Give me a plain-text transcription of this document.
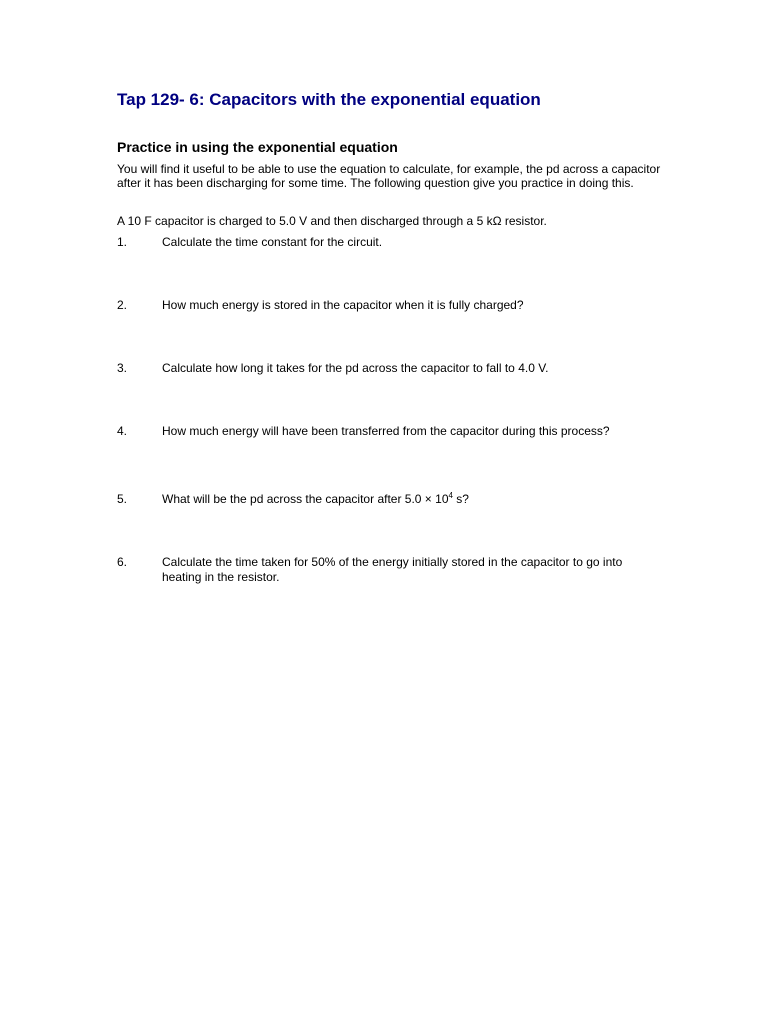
Tap 129- 6: Capacitors with the exponential equation
Practice in using the exponential equation
You will find it useful to be able to use the equation to calculate, for example, the pd across a capacitor after it has been discharging for some time. The following question give you practice in doing this.
A 10 F capacitor is charged to 5.0 V and then discharged through a 5 kΩ resistor.
1.	Calculate the time constant for the circuit.
2.	How much energy is stored in the capacitor when it is fully charged?
3.	Calculate how long it takes for the pd across the capacitor to fall to 4.0 V.
4.	How much energy will have been transferred from the capacitor during this process?
5.	What will be the pd across the capacitor after $5.0 \times 10^4$ s?
6.	Calculate the time taken for 50% of the energy initially stored in the capacitor to go into heating in the resistor.
